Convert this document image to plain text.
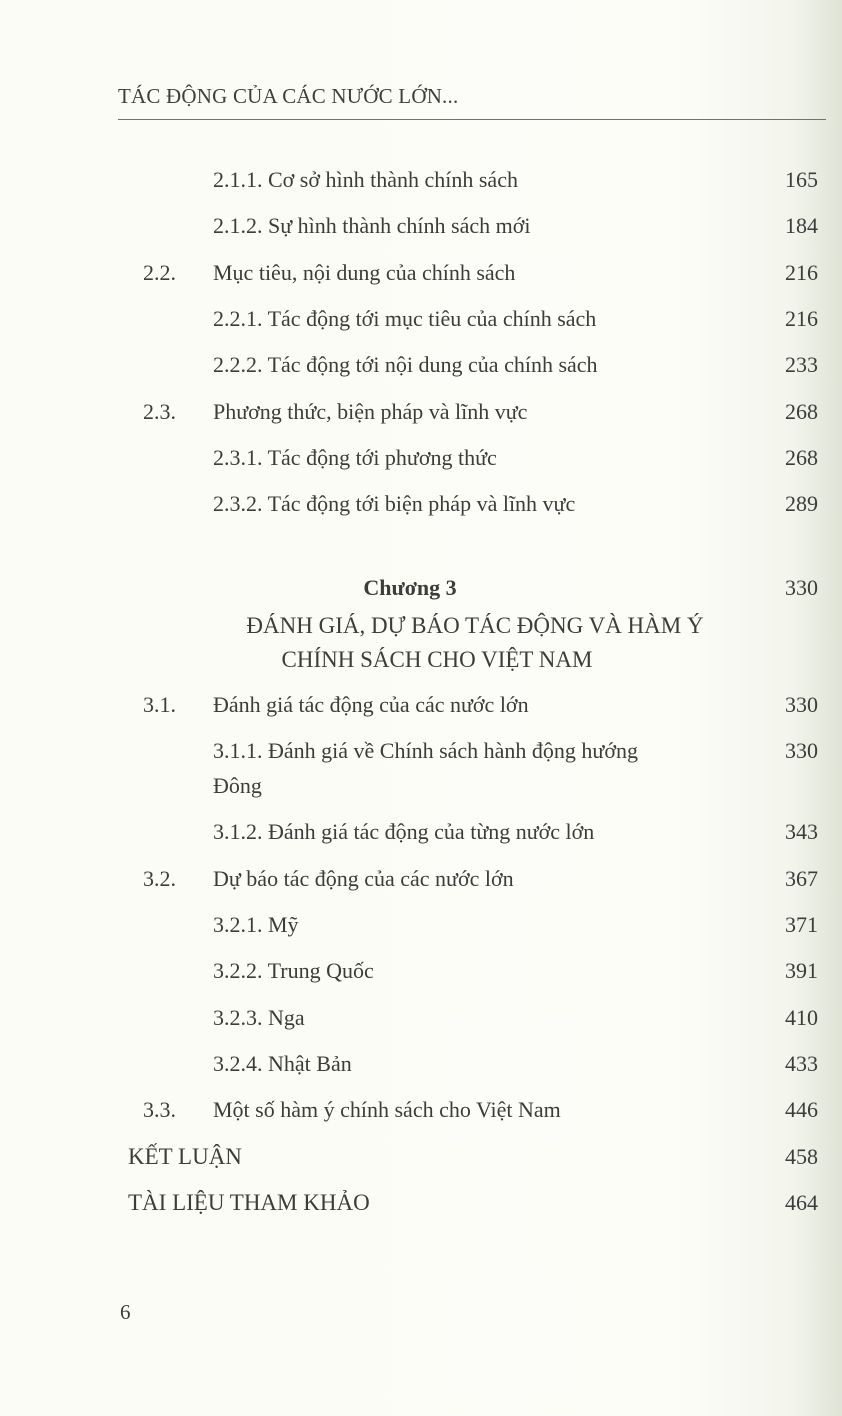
TÁC ĐỘNG CỦA CÁC NƯỚC LỚN...
2.1.1. Cơ sở hình thành chính sách	165
2.1.2. Sự hình thành chính sách mới	184
2.2. Mục tiêu, nội dung của chính sách	216
2.2.1. Tác động tới mục tiêu của chính sách	216
2.2.2. Tác động tới nội dung của chính sách	233
2.3. Phương thức, biện pháp và lĩnh vực	268
2.3.1. Tác động tới phương thức	268
2.3.2. Tác động tới biện pháp và lĩnh vực	289
Chương 3	330
ĐÁNH GIÁ, DỰ BÁO TÁC ĐỘNG VÀ HÀM Ý
CHÍNH SÁCH CHO VIỆT NAM
3.1. Đánh giá tác động của các nước lớn	330
3.1.1. Đánh giá về Chính sách hành động hướng	330
Đông
3.1.2. Đánh giá tác động của từng nước lớn	343
3.2. Dự báo tác động của các nước lớn	367
3.2.1. Mỹ	371
3.2.2. Trung Quốc	391
3.2.3. Nga	410
3.2.4. Nhật Bản	433
3.3. Một số hàm ý chính sách cho Việt Nam	446
KẾT LUẬN	458
TÀI LIỆU THAM KHẢO	464
6
